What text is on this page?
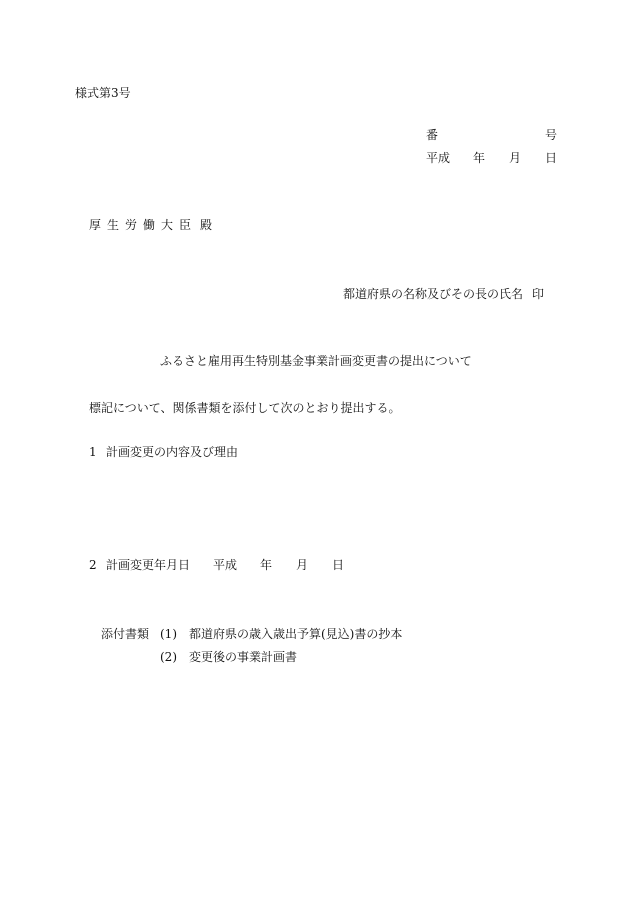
様式第3号
番	号
平成 年 月 日
厚生労働大臣 殿
都道府県の名称及びその長の氏名 印
ふるさと雇用再生特別基金事業計画変更書の提出について
標記について、関係書類を添付して次のとおり提出する。
1 計画変更の内容及び理由
2 計画変更年月日 平成 年 月 日
添付書類 (1) 都道府県の歳入歳出予算(見込)書の抄本
(2) 変更後の事業計画書
